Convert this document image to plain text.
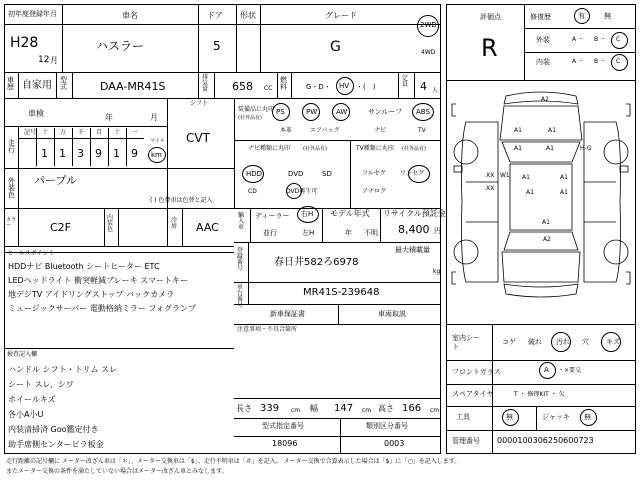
初年度登録年月
H28
12 月
車名
ハスラー
ドア
5
形状	グレード
G
2WD
4WD
車歴 自家用 型式	DAA-MR41S
排気量 658 CC
燃料	G・D・ HV ・(　)
定員 4 人
車検	年	月
シフト
CVT
走行
記号 十 万 千 百 十 一
1 1 3 9 1 9
マイル
km
外装色
パープル
( ) 色替車は色替と記入
カラー	C2F
内装色
冷房 AAC
装備品に丸印
(社外品有)
PS	PW	AW	サンルーフ ABS
本革	エアバッグ	ナビ	TV
ナビ種類に丸印	(社外品有)
HDD	DVD	SD
CD	DVD再生可
TV種類に丸印 (社外品有)
フルセグ ワンセグ
アナログ
輸入車
ディーラー 右H
並行	左H
モデル年式
年 不明
リサイクル預託金
8,400 円
登録番号
春日井582ろ6978
最大積載量
kg
車台番号
MR41S-239648
セールスポイント
HDDナビ Bluetooth シートヒーター ETC
LEDヘッドライト 衝突軽減ブレーキ スマートキー
地デジTV アイドリングストップ バックカメラ
ミュージックサーバー 電動格納ミラー フォグランプ
新車保証書	車両取説
注意事項・不具合箇所
検査記入欄
ハンドル シフト・トリム スレ
シート スレ、シワ
ホイールキズ
各小A小U
内装清掃済 Goo鑑定付き
助手席側センターピラ板金
長さ 339 cm 幅 147 cm 高さ 166 cm
型式指定番号
18096
類別区分番号
0003
評価点
R
修復歴	有	無
外装
内装
A ・ B ・ C
A ・ B ・ C
A2
A1	A1
A1	A1	H-G
A1
XX W1	A1
XX
A1	A1
A1
A2
室内シート
コゲ 破れ 汚れ 穴 キズ
フロントガラス	A ・×要交
スペアタイヤ	T ・ 修理KIT ・ 欠
工具	無	ジャッキ 無
管理番号 0000100306250600723
走行距離の記号欄に メーター改ざん車は「＊」、メーター交換車は「$」、走行不明車は「＃」を記入。 メーター交換で合算表示した場合は「$」に「○」を記入します。
またメーター交換の条件を満たしていない場合はメーター改ざん車とみなします。
